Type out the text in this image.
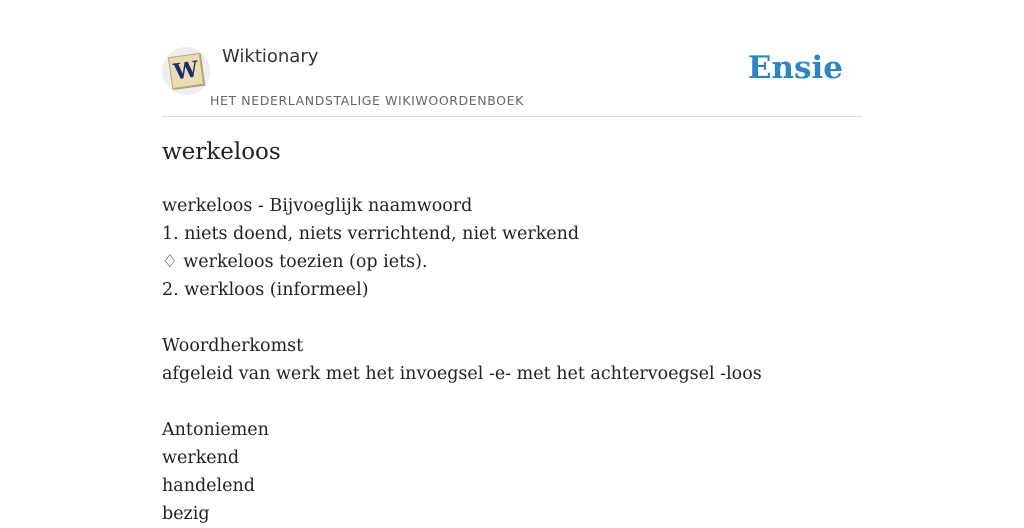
W Wiktionary
HET NEDERLANDSTALIGE WIKIWOORDENBOEK
Ensie
werkeloos
werkeloos - Bijvoeglijk naamwoord
1. niets doend, niets verrichtend, niet werkend
♢ werkeloos toezien (op iets).
2. werkloos (informeel)
Woordherkomst
afgeleid van werk met het invoegsel -e- met het achtervoegsel -loos
Antoniemen
werkend
handelend
bezig
